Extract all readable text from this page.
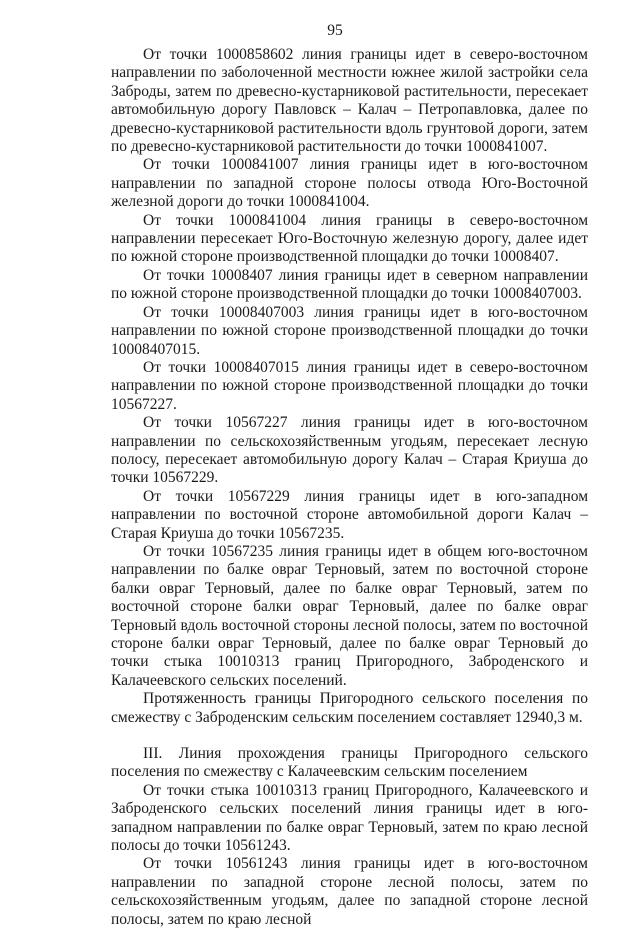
95

От точки 1000858602 линия границы идет в северо-восточном направлении по заболоченной местности южнее жилой застройки села Заброды, затем по древесно-кустарниковой растительности, пересекает автомобильную дорогу Павловск – Калач – Петропавловка, далее по древесно-кустарниковой растительности вдоль грунтовой дороги, затем по древесно-кустарниковой растительности до точки 1000841007.

От точки 1000841007 линия границы идет в юго-восточном направлении по западной стороне полосы отвода Юго-Восточной железной дороги до точки 1000841004.

От точки 1000841004 линия границы в северо-восточном направлении пересекает Юго-Восточную железную дорогу, далее идет по южной стороне производственной площадки до точки 10008407.

От точки 10008407 линия границы идет в северном направлении по южной стороне производственной площадки до точки 10008407003.

От точки 10008407003 линия границы идет в юго-восточном направлении по южной стороне производственной площадки до точки 10008407015.

От точки 10008407015 линия границы идет в северо-восточном направлении по южной стороне производственной площадки до точки 10567227.

От точки 10567227 линия границы идет в юго-восточном направлении по сельскохозяйственным угодьям, пересекает лесную полосу, пересекает автомобильную дорогу Калач – Старая Криуша до точки 10567229.

От точки 10567229 линия границы идет в юго-западном направлении по восточной стороне автомобильной дороги Калач – Старая Криуша до точки 10567235.

От точки 10567235 линия границы идет в общем юго-восточном направлении по балке овраг Терновый, затем по восточной стороне балки овраг Терновый, далее по балке овраг Терновый, затем по восточной стороне балки овраг Терновый, далее по балке овраг Терновый вдоль восточной стороны лесной полосы, затем по восточной стороне балки овраг Терновый, далее по балке овраг Терновый до точки стыка 10010313 границ Пригородного, Заброденского и Калачеевского сельских поселений.

Протяженность границы Пригородного сельского поселения по смежеству с Заброденским сельским поселением составляет 12940,3 м.

III. Линия прохождения границы Пригородного сельского поселения по смежеству с Калачеевским сельским поселением

От точки стыка 10010313 границ Пригородного, Калачеевского и Заброденского сельских поселений линия границы идет в юго-западном направлении по балке овраг Терновый, затем по краю лесной полосы до точки 10561243.

От точки 10561243 линия границы идет в юго-восточном направлении по западной стороне лесной полосы, затем по сельскохозяйственным угодьям, далее по западной стороне лесной полосы, затем по краю лесной
